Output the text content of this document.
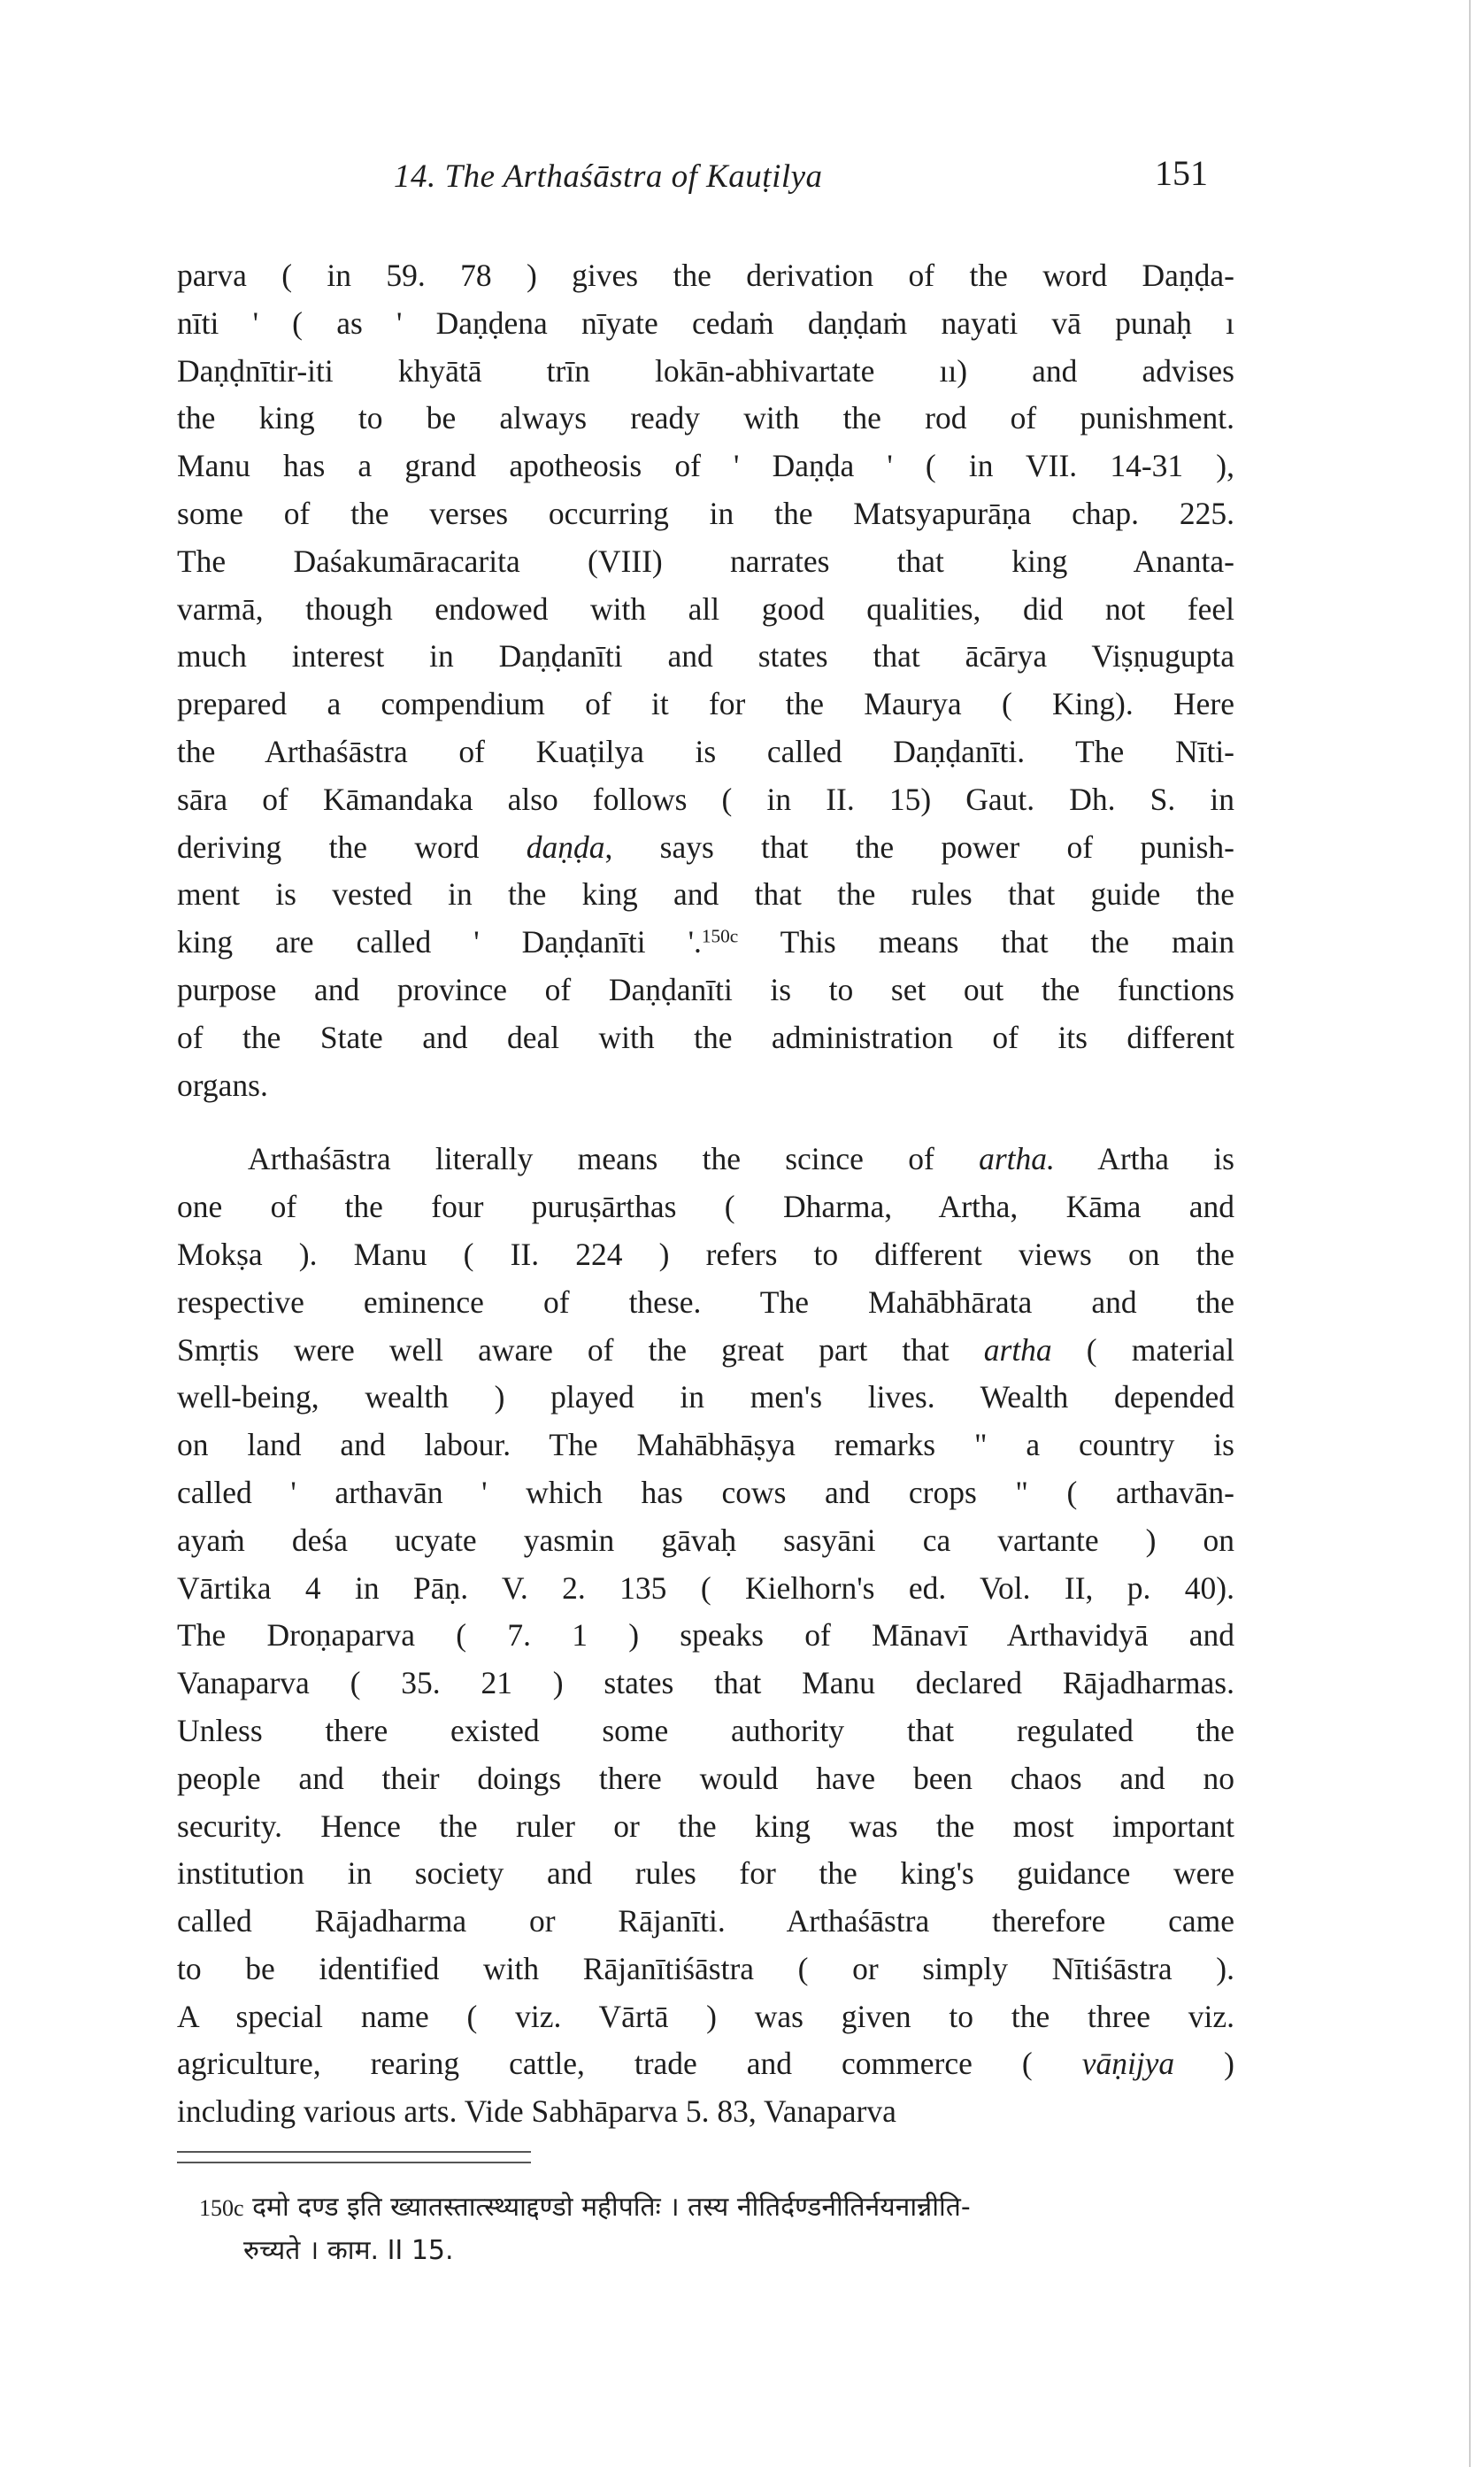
14. The Arthaśāstra of Kauṭilya	151
parva ( in 59. 78 ) gives the derivation of the word Daṇḍa-
nīti ' ( as ' Daṇḍena nīyate cedaṁ daṇḍaṁ nayati vā punaḥ ı
Daṇḍnītir-iti khyātā trīn lokān-abhivartate ıı) and advises
the king to be always ready with the rod of punishment.
Manu has a grand apotheosis of ' Daṇḍa ' ( in VII. 14-31 ),
some of the verses occurring in the Matsyapurāṇa chap. 225.
The Daśakumāracarita (VIII) narrates that king Ananta-
varmā, though endowed with all good qualities, did not feel
much interest in Daṇḍanīti and states that ācārya Viṣṇugupta
prepared a compendium of it for the Maurya ( King). Here
the Arthaśāstra of Kuaṭilya is called Daṇḍanīti. The Nīti-
sāra of Kāmandaka also follows ( in II. 15) Gaut. Dh. S. in
deriving the word daṇḍa, says that the power of punish-
ment is vested in the king and that the rules that guide the
king are called ' Daṇḍanīti '.$^{150c}$ This means that the main
purpose and province of Daṇḍanīti is to set out the functions
of the State and deal with the administration of its different
organs.
Arthaśāstra literally means the scince of artha. Artha is
one of the four puruṣārthas ( Dharma, Artha, Kāma and
Mokṣa ). Manu ( II. 224 ) refers to different views on the
respective eminence of these. The Mahābhārata and the
Smṛtis were well aware of the great part that artha ( material
well-being, wealth ) played in men's lives. Wealth depended
on land and labour. The Mahābhāṣya remarks " a country is
called ' arthavān ' which has cows and crops " ( arthavān-
ayaṁ deśa ucyate yasmin gāvaḥ sasyāni ca vartante ) on
Vārtika 4 in Pāṇ. V. 2. 135 ( Kielhorn's ed. Vol. II, p. 40).
The Droṇaparva ( 7. 1 ) speaks of Mānavī Arthavidyā and
Vanaparva ( 35. 21 ) states that Manu declared Rājadharmas.
Unless there existed some authority that regulated the
people and their doings there would have been chaos and no
security. Hence the ruler or the king was the most important
institution in society and rules for the king's guidance were
called Rājadharma or Rājanīti. Arthaśāstra therefore came
to be identified with Rājanītiśāstra ( or simply Nītiśāstra ).
A special name ( viz. Vārtā ) was given to the three viz.
agriculture, rearing cattle, trade and commerce ( vāṇijya )
including various arts. Vide Sabhāparva 5. 83, Vanaparva
150c दमो दण्ड इति ख्यातस्तात्स्थ्याद्दण्डो महीपतिः । तस्य नीतिर्दण्डनीतिर्नयनान्नीति-
रुच्यते । काम. II 15.
